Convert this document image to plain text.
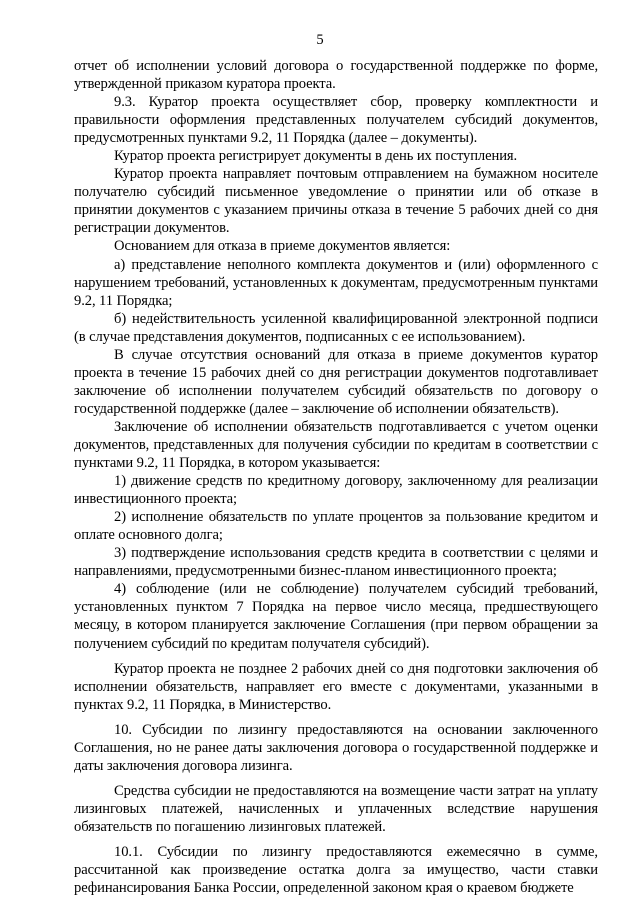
5

отчет об исполнении условий договора о государственной поддержке по форме, утвержденной приказом куратора проекта.

9.3. Куратор проекта осуществляет сбор, проверку комплектности и правильности оформления представленных получателем субсидий документов, предусмотренных пунктами 9.2, 11 Порядка (далее – документы).

Куратор проекта регистрирует документы в день их поступления.

Куратор проекта направляет почтовым отправлением на бумажном носителе получателю субсидий письменное уведомление о принятии или об отказе в принятии документов с указанием причины отказа в течение 5 рабочих дней со дня регистрации документов.

Основанием для отказа в приеме документов является:

а) представление неполного комплекта документов и (или) оформленного с нарушением требований, установленных к документам, предусмотренным пунктами 9.2, 11 Порядка;

б) недействительность усиленной квалифицированной электронной подписи (в случае представления документов, подписанных с ее использованием).

В случае отсутствия оснований для отказа в приеме документов куратор проекта в течение 15 рабочих дней со дня регистрации документов подготавливает заключение об исполнении получателем субсидий обязательств по договору о государственной поддержке (далее – заключение об исполнении обязательств).

Заключение об исполнении обязательств подготавливается с учетом оценки документов, представленных для получения субсидии по кредитам в соответствии с пунктами 9.2, 11 Порядка, в котором указывается:

1) движение средств по кредитному договору, заключенному для реализации инвестиционного проекта;

2) исполнение обязательств по уплате процентов за пользование кредитом и оплате основного долга;

3) подтверждение использования средств кредита в соответствии с целями и направлениями, предусмотренными бизнес-планом инвестиционного проекта;

4) соблюдение (или не соблюдение) получателем субсидий требований, установленных пунктом 7 Порядка на первое число месяца, предшествующего месяцу, в котором планируется заключение Соглашения (при первом обращении за получением субсидий по кредитам получателя субсидий).

Куратор проекта не позднее 2 рабочих дней со дня подготовки заключения об исполнении обязательств, направляет его вместе с документами, указанными в пунктах 9.2, 11 Порядка, в Министерство.

10. Субсидии по лизингу предоставляются на основании заключенного Соглашения, но не ранее даты заключения договора о государственной поддержке и даты заключения договора лизинга.

Средства субсидии не предоставляются на возмещение части затрат на уплату лизинговых платежей, начисленных и уплаченных вследствие нарушения обязательств по погашению лизинговых платежей.

10.1. Субсидии по лизингу предоставляются ежемесячно в сумме, рассчитанной как произведение остатка долга за имущество, части ставки рефинансирования Банка России, определенной законом края о краевом бюджете
